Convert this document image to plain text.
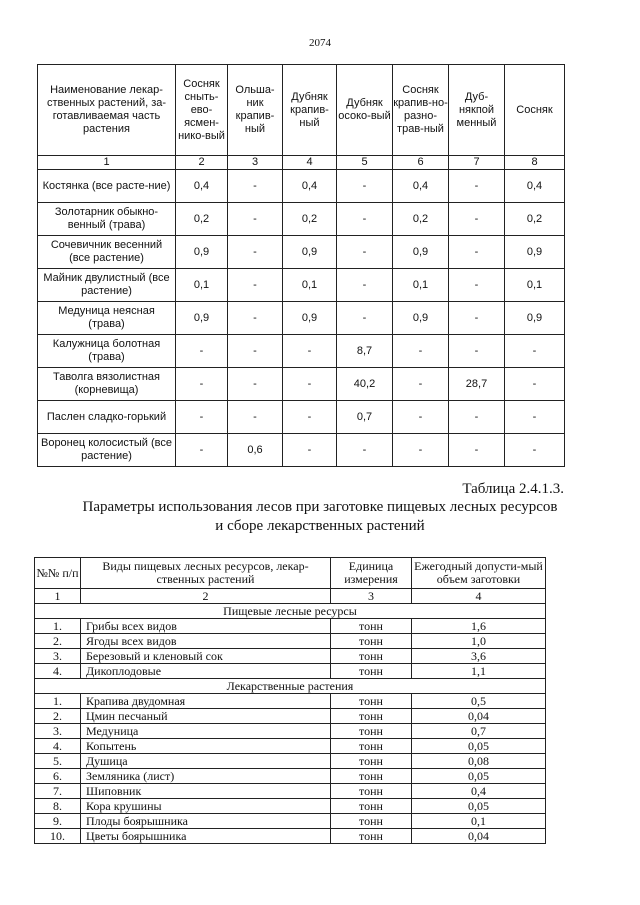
2074
Наименование лекар-ственных растений, за-готавливаемая часть растения	Сосняк сныть-ево-ясмен-нико-вый	Ольша-ник крапив-ный	Дубняк крапив-ный	Дубняк осоко-вый	Сосняк крапив-но-разно-трав-ный	Дуб-някпой менный	Сосняк
1	2	3	4	5	6	7	8
Костянка (все расте-ние)	0,4	-	0,4	-	0,4	-	0,4
Золотарник обыкно-венный (трава)	0,2	-	0,2	-	0,2	-	0,2
Сочевичник весенний (все растение)	0,9	-	0,9	-	0,9	-	0,9
Майник двулистный (все растение)	0,1	-	0,1	-	0,1	-	0,1
Медуница неясная (трава)	0,9	-	0,9	-	0,9	-	0,9
Калужница болотная (трава)	-	-	-	8,7	-	-	-
Таволга вязолистная (корневища)	-	-	-	40,2	-	28,7	-
Паслен сладко-горький	-	-	-	0,7	-	-	-
Воронец колосистый (все растение)	-	0,6	-	-	-	-	-
Таблица 2.4.1.3.
Параметры использования лесов при заготовке пищевых лесных ресурсов и сборе лекарственных растений
№№ п/п	Виды пищевых лесных ресурсов, лекар-ственных растений	Единица измерения	Ежегодный допусти-мый объем заготовки
1	2	3	4
Пищевые лесные ресурсы			
1.	Грибы всех видов	тонн	1,6
2.	Ягоды всех видов	тонн	1,0
3.	Березовый и кленовый сок	тонн	3,6
4.	Дикоплодовые	тонн	1,1
Лекарственные растения			
1.	Крапива двудомная	тонн	0,5
2.	Цмин песчаный	тонн	0,04
3.	Медуница	тонн	0,7
4.	Копытень	тонн	0,05
5.	Душица	тонн	0,08
6.	Земляника (лист)	тонн	0,05
7.	Шиповник	тонн	0,4
8.	Кора крушины	тонн	0,05
9.	Плоды боярышника	тонн	0,1
10.	Цветы боярышника	тонн	0,04
